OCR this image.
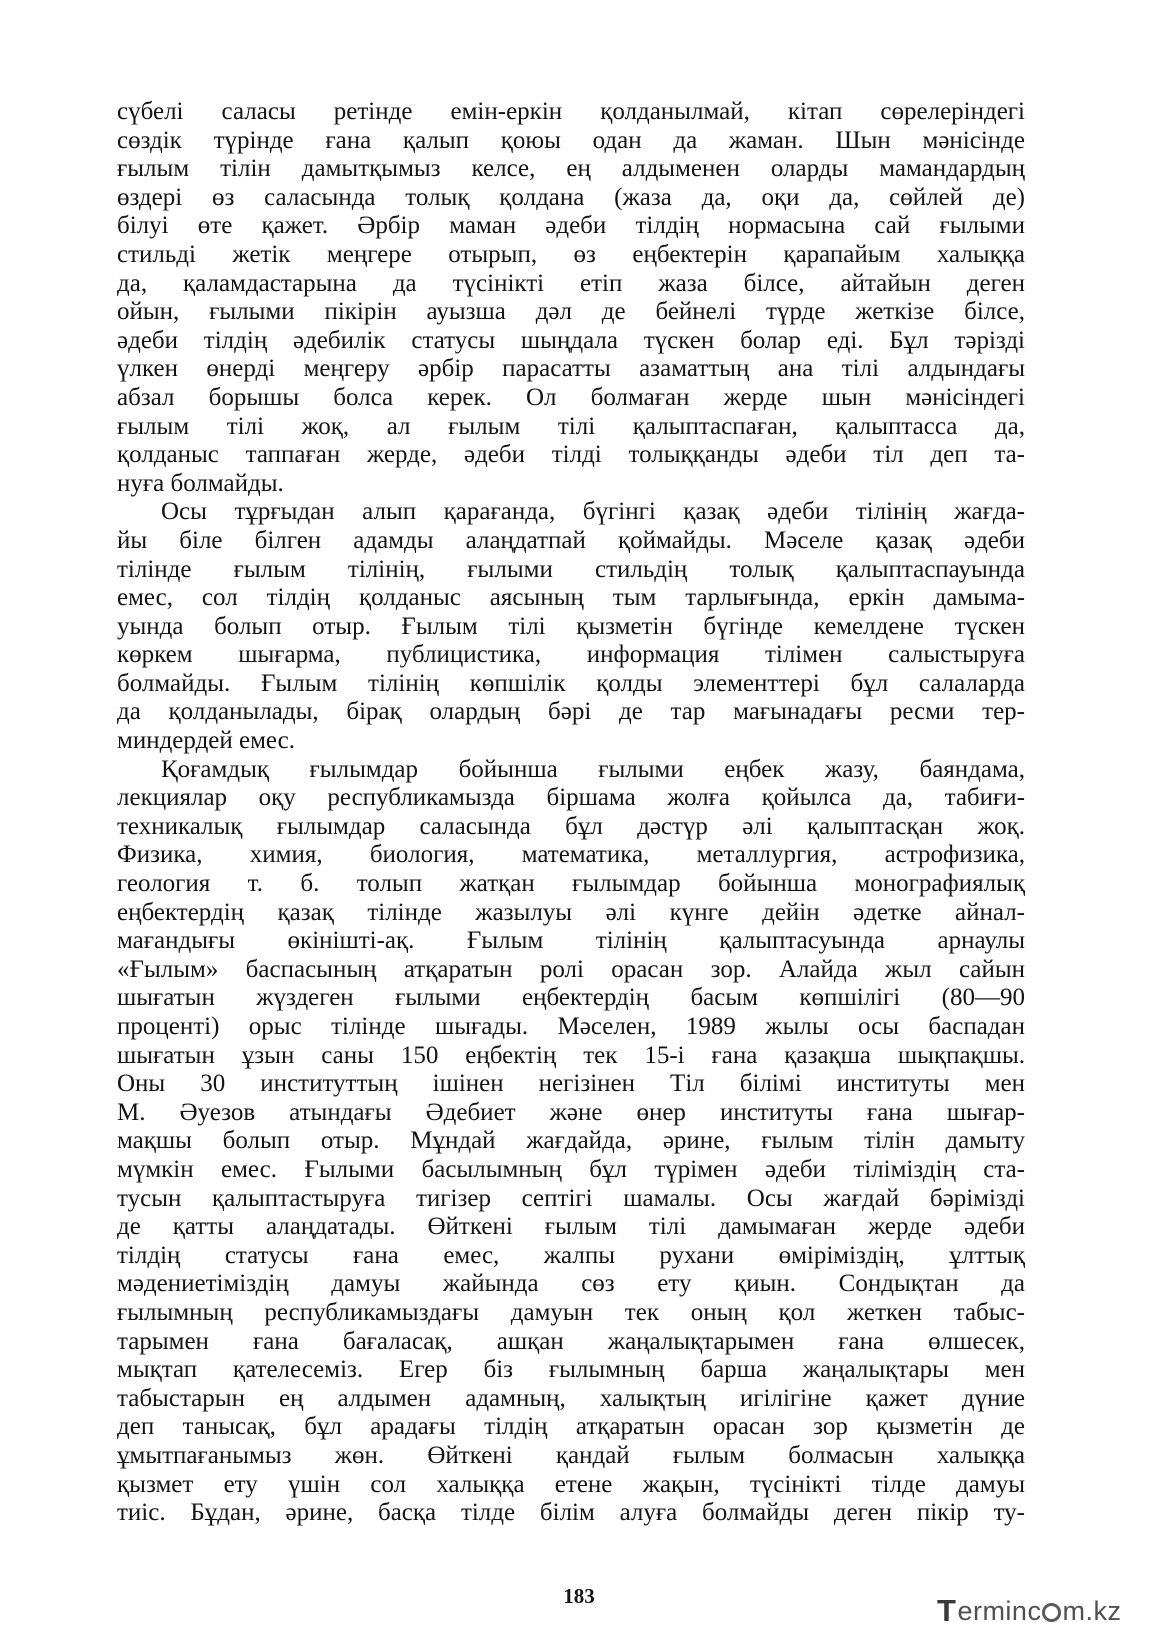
сүбелі саласы ретінде емін-еркін қолданылмай, кітап сөрелеріндегі
сөздік түрінде ғана қалып қоюы одан да жаман. Шын мәнісінде
ғылым тілін дамытқымыз келсе, ең алдыменен оларды мамандардың
өздері өз саласында толық қолдана (жаза да, оқи да, сөйлей де)
білуі өте қажет. Әрбір маман әдеби тілдің нормасына сай ғылыми
стильді жетік меңгере отырып, өз еңбектерін қарапайым халыққа
да, қаламдастарына да түсінікті етіп жаза білсе, айтайын деген
ойын, ғылыми пікірін ауызша дәл де бейнелі түрде жеткізе білсе,
әдеби тілдің әдебилік статусы шыңдала түскен болар еді. Бұл тәрізді
үлкен өнерді меңгеру әрбір парасатты азаматтың ана тілі алдындағы
абзал борышы болса керек. Ол болмаған жерде шын мәнісіндегі
ғылым тілі жоқ, ал ғылым тілі қалыптаспаған, қалыптасса да,
қолданыс таппаған жерде, әдеби тілді толыққанды әдеби тіл деп та-
нуға болмайды.
Осы тұрғыдан алып қарағанда, бүгінгі қазақ әдеби тілінің жағда-
йы біле білген адамды алаңдатпай қоймайды. Мәселе қазақ әдеби
тілінде ғылым тілінің, ғылыми стильдің толық қалыптаспауында
емес, сол тілдің қолданыс аясының тым тарлығында, еркін дамыма-
уында болып отыр. Ғылым тілі қызметін бүгінде кемелдене түскен
көркем шығарма, публицистика, информация тілімен салыстыруға
болмайды. Ғылым тілінің көпшілік қолды элементтері бұл салаларда
да қолданылады, бірақ олардың бәрі де тар мағынадағы ресми тер-
миндердей емес.
Қоғамдық ғылымдар бойынша ғылыми еңбек жазу, баяндама,
лекциялар оқу республикамызда біршама жолға қойылса да, табиғи-
техникалық ғылымдар саласында бұл дәстүр әлі қалыптасқан жоқ.
Физика, химия, биология, математика, металлургия, астрофизика,
геология т. б. толып жатқан ғылымдар бойынша монографиялық
еңбектердің қазақ тілінде жазылуы әлі күнге дейін әдетке айнал-
мағандығы өкінішті-ақ. Ғылым тілінің қалыптасуында арнаулы
«Ғылым» баспасының атқаратын ролі орасан зор. Алайда жыл сайын
шығатын жүздеген ғылыми еңбектердің басым көпшілігі (80—90
проценті) орыс тілінде шығады. Мәселен, 1989 жылы осы баспадан
шығатын ұзын саны 150 еңбектің тек 15-і ғана қазақша шықпақшы.
Оны 30 институттың ішінен негізінен Тіл білімі институты мен
М. Әуезов атындағы Әдебиет және өнер институты ғана шығар-
мақшы болып отыр. Мұндай жағдайда, әрине, ғылым тілін дамыту
мүмкін емес. Ғылыми басылымның бұл түрімен әдеби тіліміздің ста-
тусын қалыптастыруға тигізер септігі шамалы. Осы жағдай бәрімізді
де қатты алаңдатады. Өйткені ғылым тілі дамымаған жерде әдеби
тілдің статусы ғана емес, жалпы рухани өміріміздің, ұлттық
мәдениетіміздің дамуы жайында сөз ету қиын. Сондықтан да
ғылымның республикамыздағы дамуын тек оның қол жеткен табыс-
тарымен ғана бағаласақ, ашқан жаңалықтарымен ғана өлшесек,
мықтап қателесеміз. Егер біз ғылымның барша жаңалықтары мен
табыстарын ең алдымен адамның, халықтың игілігіне қажет дүние
деп танысақ, бұл арадағы тілдің атқаратын орасан зор қызметін де
ұмытпағанымыз жөн. Өйткені қандай ғылым болмасын халыққа
қызмет ету үшін сол халыққа етене жақын, түсінікті тілде дамуы
тиіс. Бұдан, әрине, басқа тілде білім алуға болмайды деген пікір ту-
183	T erminc m.kz
